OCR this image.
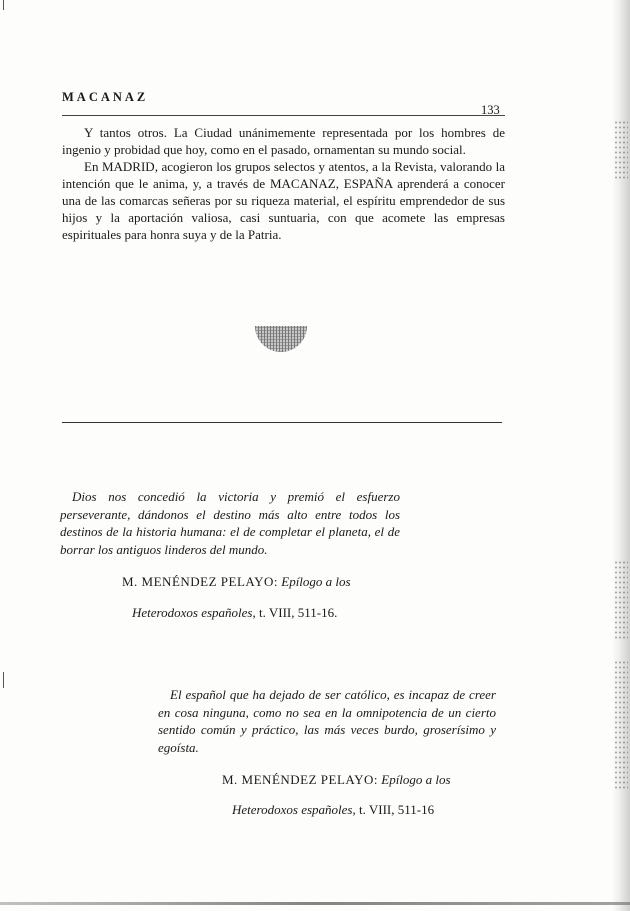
MACANAZ
133

Y tantos otros. La Ciudad unánimemente representada por los hombres de ingenio y probidad que hoy, como en el pasado, ornamentan su mundo social.

En MADRID, acogieron los grupos selectos y atentos, a la Revista, valorando la intención que le anima, y, a través de MACANAZ, ESPAÑA aprenderá a conocer una de las comarcas señeras por su riqueza material, el espíritu emprendedor de sus hijos y la aportación valiosa, casi suntuaria, con que acomete las empresas espirituales para honra suya y de la Patria.

Dios nos concedió la victoria y premió el esfuerzo perseverante, dándonos el destino más alto entre todos los destinos de la historia humana: el de completar el planeta, el de borrar los antiguos linderos del mundo.

M. MENÉNDEZ PELAYO: Epílogo a los
Heterodoxos españoles, t. VIII, 511-16.

El español que ha dejado de ser católico, es incapaz de creer en cosa ninguna, como no sea en la omnipotencia de un cierto sentido común y práctico, las más veces burdo, groserísimo y egoísta.

M. MENÉNDEZ PELAYO: Epílogo a los
Heterodoxos españoles, t. VIII, 511-16
